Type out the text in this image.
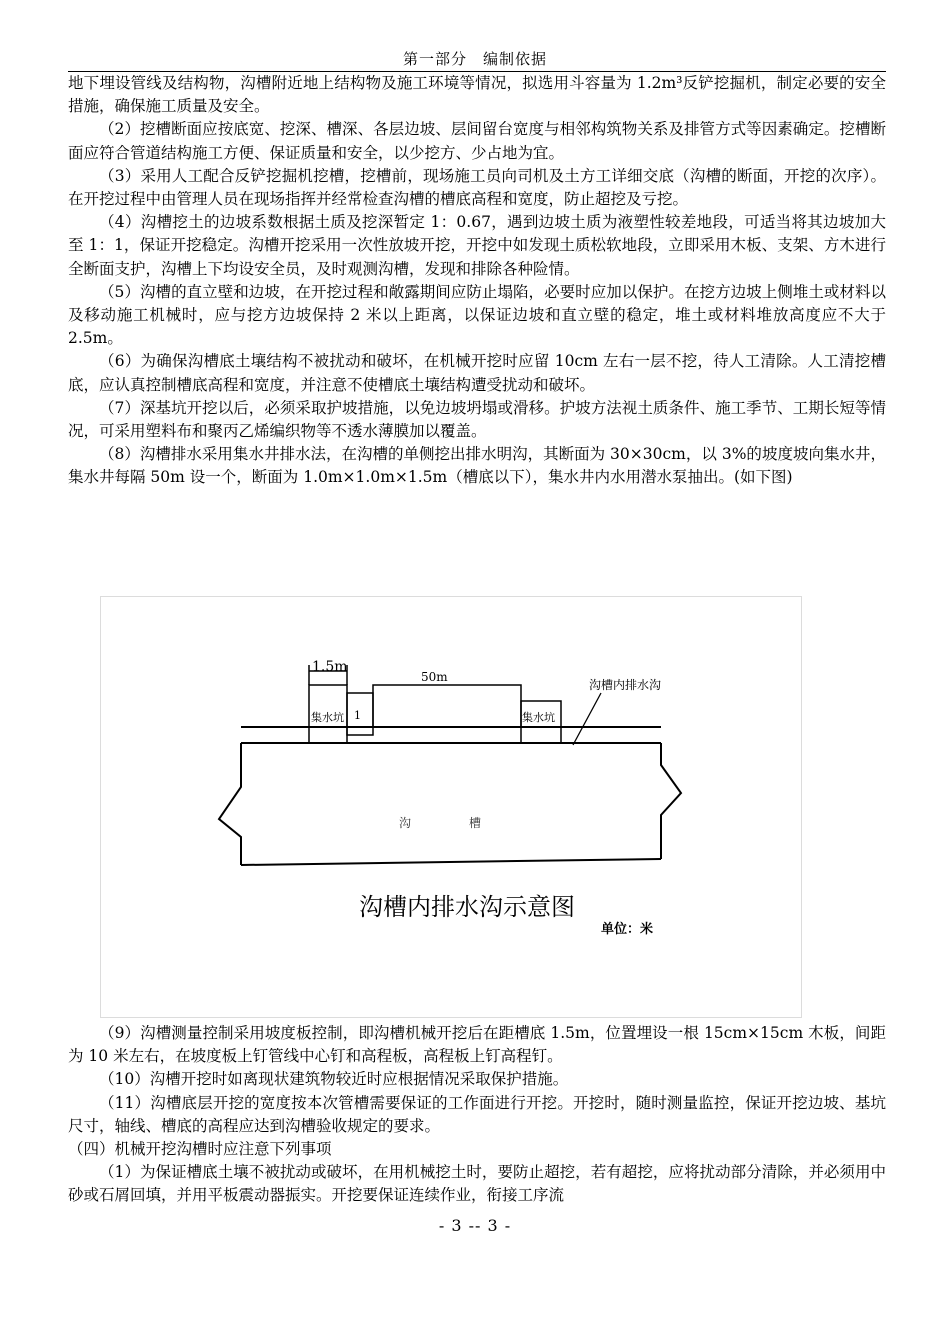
第一部分　编制依据

地下埋设管线及结构物，沟槽附近地上结构物及施工环境等情况，拟选用斗容量为 1.2m³反铲挖掘机，制定必要的安全措施，确保施工质量及安全。

（2）挖槽断面应按底宽、挖深、槽深、各层边坡、层间留台宽度与相邻构筑物关系及排管方式等因素确定。挖槽断面应符合管道结构施工方便、保证质量和安全，以少挖方、少占地为宜。

（3）采用人工配合反铲挖掘机挖槽，挖槽前，现场施工员向司机及土方工详细交底（沟槽的断面，开挖的次序）。在开挖过程中由管理人员在现场指挥并经常检查沟槽的槽底高程和宽度，防止超挖及亏挖。

（4）沟槽挖土的边坡系数根据土质及挖深暂定 1：0.67，遇到边坡土质为液塑性较差地段，可适当将其边坡加大至 1：1，保证开挖稳定。沟槽开挖采用一次性放坡开挖，开挖中如发现土质松软地段，立即采用木板、支架、方木进行全断面支护，沟槽上下均设安全员，及时观测沟槽，发现和排除各种险情。

（5）沟槽的直立壁和边坡，在开挖过程和敞露期间应防止塌陷，必要时应加以保护。在挖方边坡上侧堆土或材料以及移动施工机械时，应与挖方边坡保持 2 米以上距离，以保证边坡和直立壁的稳定，堆土或材料堆放高度应不大于 2.5m。

（6）为确保沟槽底土壤结构不被扰动和破坏，在机械开挖时应留 10cm 左右一层不挖，待人工清除。人工清挖槽底，应认真控制槽底高程和宽度，并注意不使槽底土壤结构遭受扰动和破坏。

（7）深基坑开挖以后，必须采取护坡措施，以免边坡坍塌或滑移。护坡方法视土质条件、施工季节、工期长短等情况，可采用塑料布和聚丙乙烯编织物等不透水薄膜加以覆盖。

（8）沟槽排水采用集水井排水法，在沟槽的单侧挖出排水明沟，其断面为 30×30cm，以 3%的坡度坡向集水井，集水井每隔 50m 设一个，断面为 1.0m×1.0m×1.5m（槽底以下），集水井内水用潜水泵抽出。(如下图)

1.5m
50m
集水坑 1	集水坑
沟槽内排水沟
沟	槽
沟槽内排水沟示意图
单位：米

（9）沟槽测量控制采用坡度板控制，即沟槽机械开挖后在距槽底 1.5m，位置埋设一根 15cm×15cm 木板，间距为 10 米左右，在坡度板上钉管线中心钉和高程板，高程板上钉高程钉。

（10）沟槽开挖时如离现状建筑物较近时应根据情况采取保护措施。

（11）沟槽底层开挖的宽度按本次管槽需要保证的工作面进行开挖。开挖时，随时测量监控，保证开挖边坡、基坑尺寸，轴线、槽底的高程应达到沟槽验收规定的要求。

（四）机械开挖沟槽时应注意下列事项

（1）为保证槽底土壤不被扰动或破坏，在用机械挖土时，要防止超挖，若有超挖，应将扰动部分清除，并必须用中砂或石屑回填，并用平板震动器振实。开挖要保证连续作业，衔接工序流

- 3 -- 3 -
